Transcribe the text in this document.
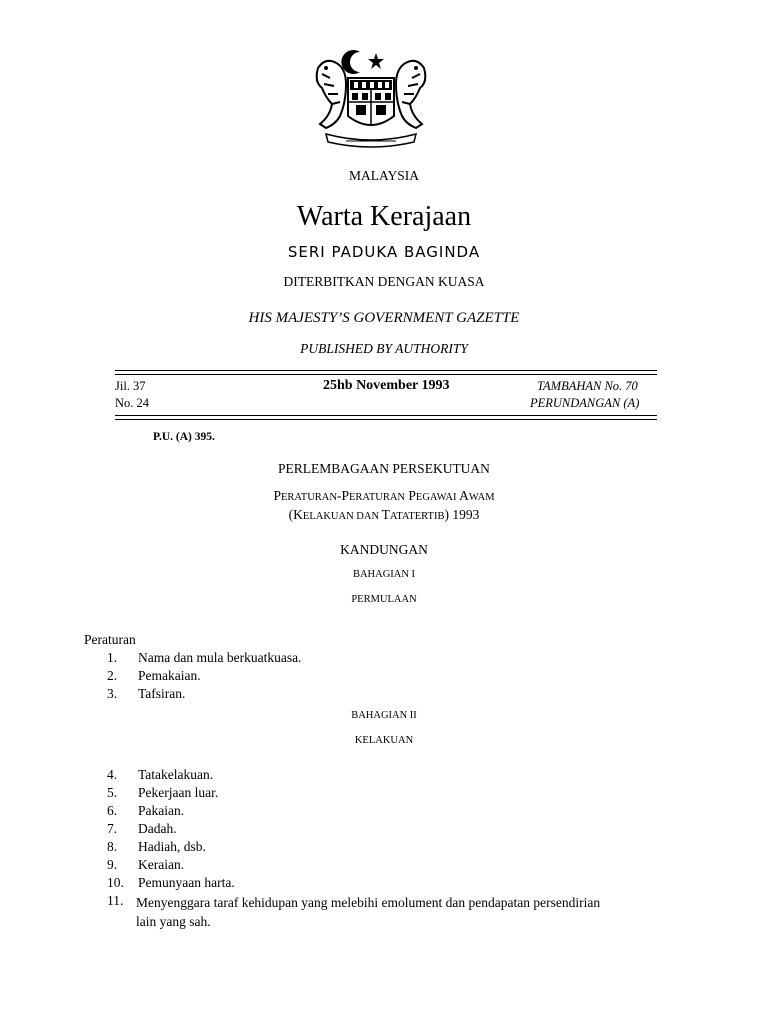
MALAYSIA
Warta Kerajaan
SERI PADUKA BAGINDA
DITERBITKAN DENGAN KUASA
HIS MAJESTY’S GOVERNMENT GAZETTE
PUBLISHED BY AUTHORITY
Jil. 37
No. 24
25hb November 1993	TAMBAHAN No. 70
PERUNDANGAN (A)
P.U. (A) 395.
PERLEMBAGAAN PERSEKUTUAN
PERATURAN-PERATURAN PEGAWAI AWAM
(KELAKUAN DAN TATATERTIB) 1993
KANDUNGAN
BAHAGIAN I
PERMULAAN
Peraturan
1. Nama dan mula berkuatkuasa.
2. Pemakaian.
3. Tafsiran.
BAHAGIAN II
KELAKUAN
4. Tatakelakuan.
5. Pekerjaan luar.
6. Pakaian.
7. Dadah.
8. Hadiah, dsb.
9. Keraian.
10. Pemunyaan harta.
11. Menyenggara taraf kehidupan yang melebihi emolument dan pendapatan persendirian
lain yang sah.
